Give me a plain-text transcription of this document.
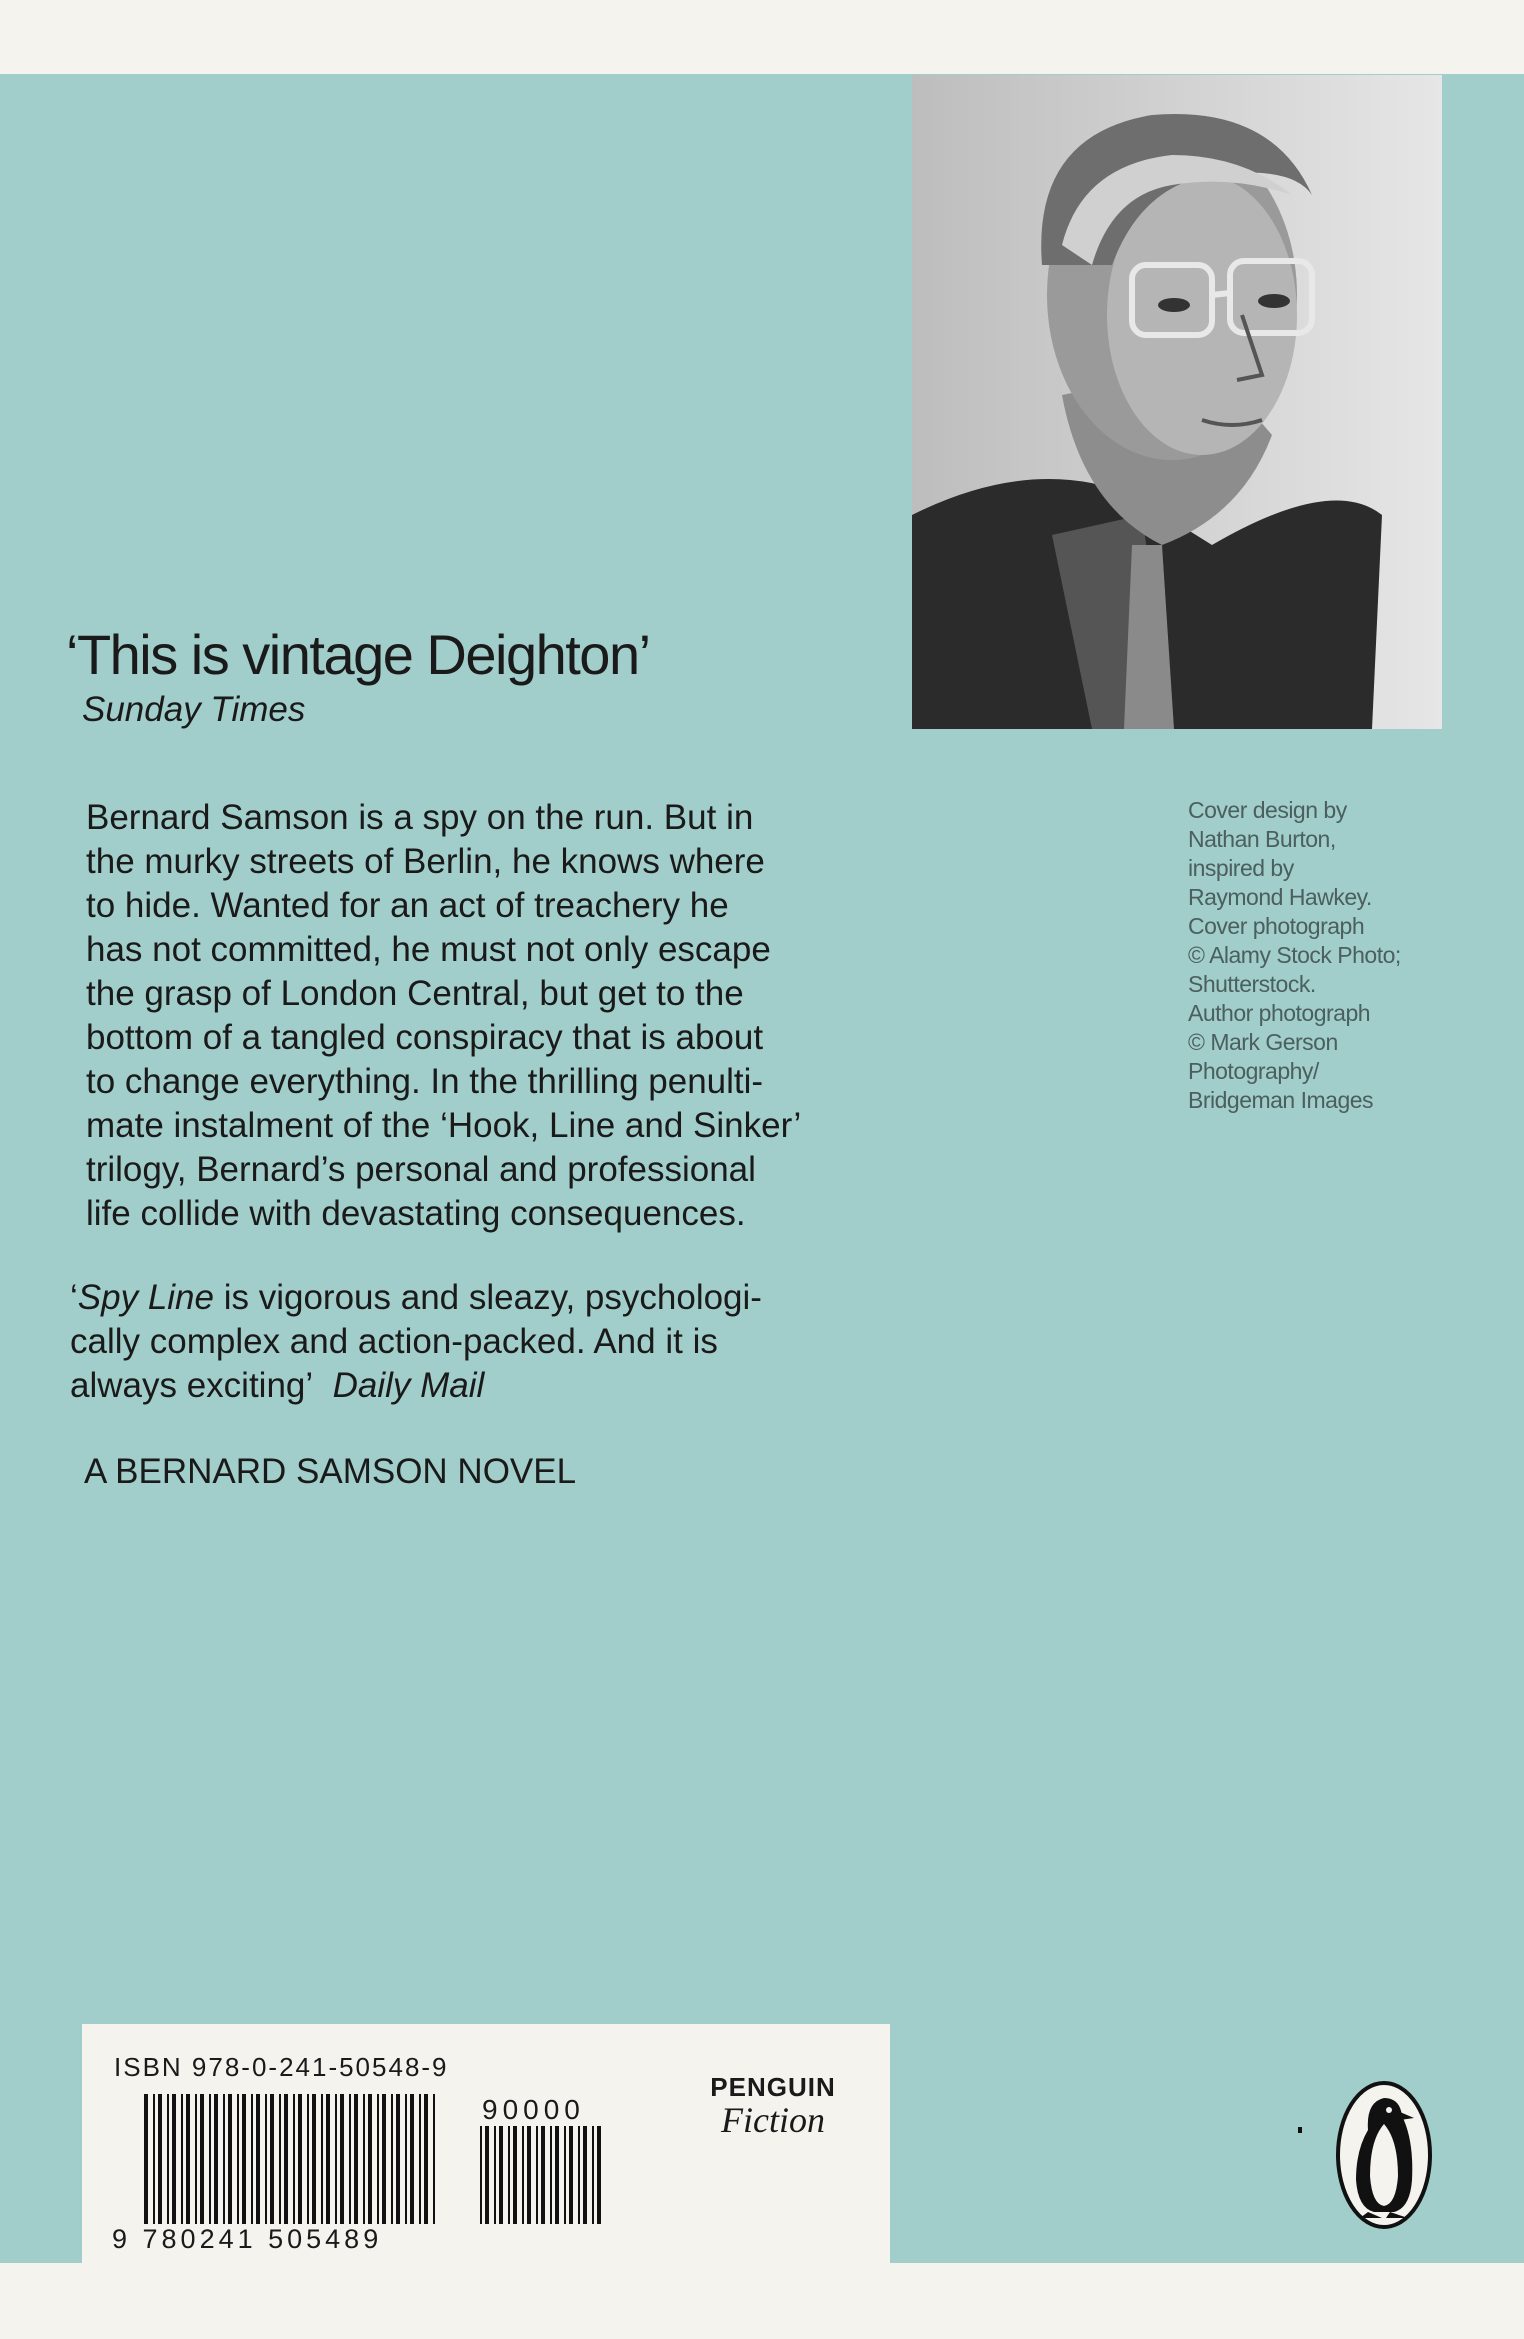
‘This is vintage Deighton’
Sunday Times
Bernard Samson is a spy on the run. But in
the murky streets of Berlin, he knows where
to hide. Wanted for an act of treachery he
has not committed, he must not only escape
the grasp of London Central, but get to the
bottom of a tangled conspiracy that is about
to change everything. In the thrilling penulti-
mate instalment of the ‘Hook, Line and Sinker’
trilogy, Bernard’s personal and professional
life collide with devastating consequences.
Cover design by
Nathan Burton,
inspired by
Raymond Hawkey.
Cover photograph
© Alamy Stock Photo;
Shutterstock.
Author photograph
© Mark Gerson
Photography/
Bridgeman Images
‘Spy Line is vigorous and sleazy, psychologi-
cally complex and action-packed. And it is
always exciting’ Daily Mail
A BERNARD SAMSON NOVEL
ISBN 978-0-241-50548-9
90000
9 780241 505489
PENGUIN
Fiction
